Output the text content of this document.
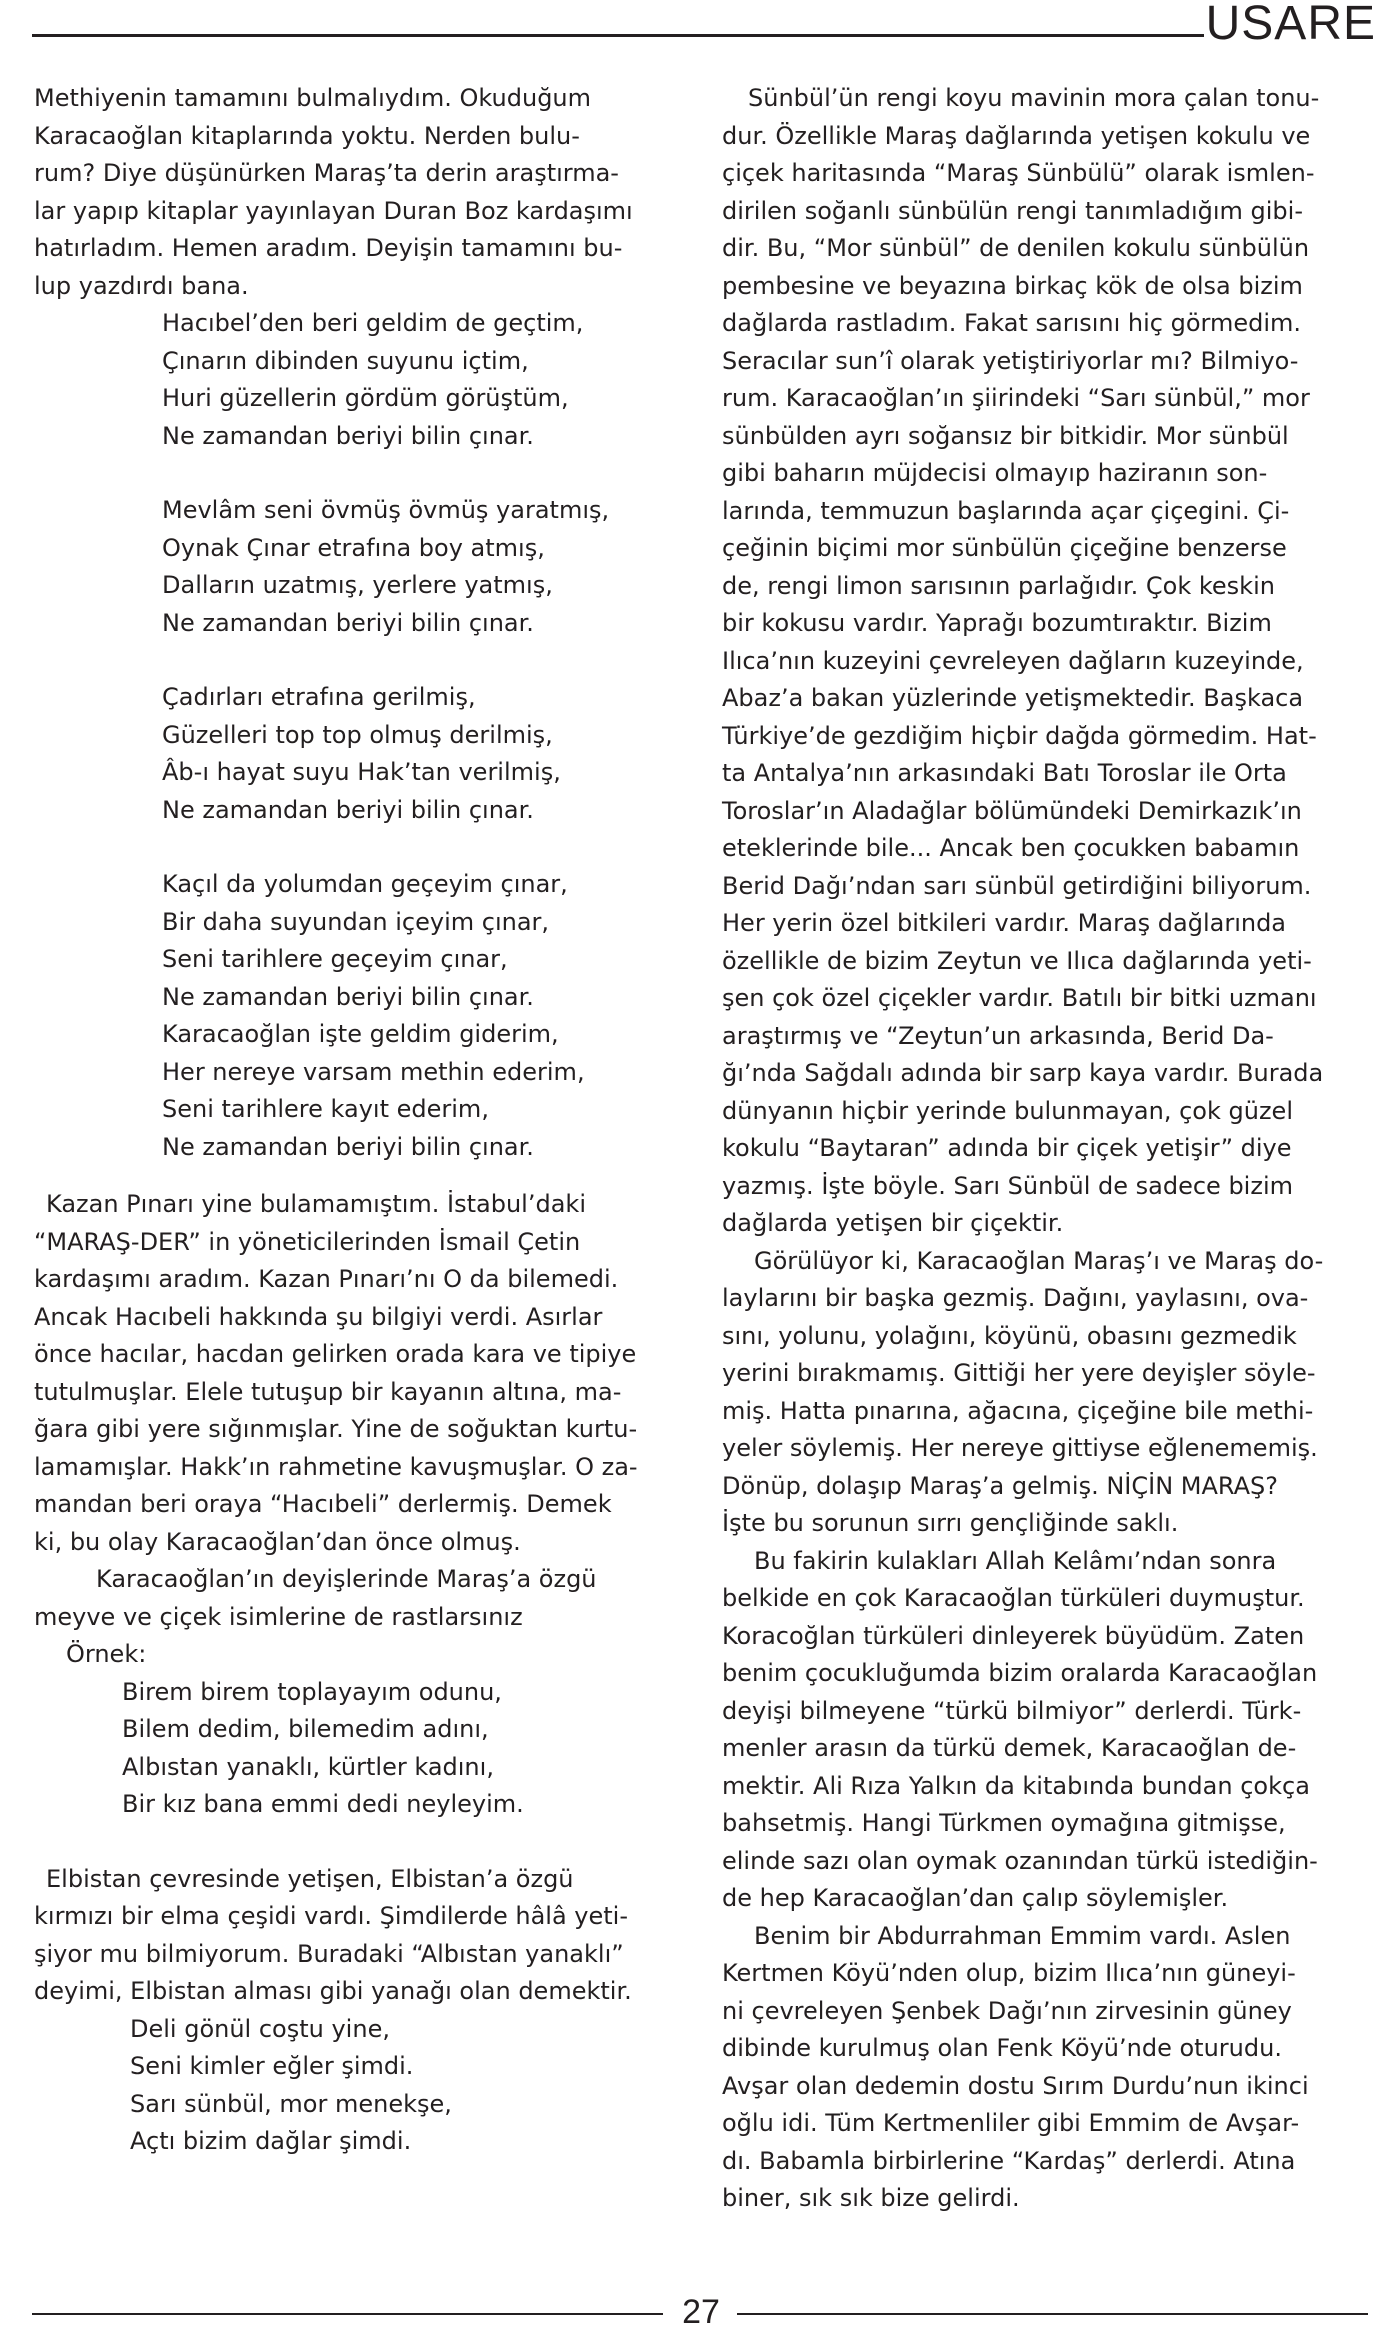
USARE
Methiyenin tamamını bulmalıydım. Okuduğum
Karacaoğlan kitaplarında yoktu. Nerden bulu-
rum? Diye düşünürken Maraş’ta derin araştırma-
lar yapıp kitaplar yayınlayan Duran Boz kardaşımı
hatırladım. Hemen aradım. Deyişin tamamını bu-
lup yazdırdı bana.
Hacıbel’den beri geldim de geçtim,
Çınarın dibinden suyunu içtim,
Huri güzellerin gördüm görüştüm,
Ne zamandan beriyi bilin çınar.
Mevlâm seni övmüş övmüş yaratmış,
Oynak Çınar etrafına boy atmış,
Dalların uzatmış, yerlere yatmış,
Ne zamandan beriyi bilin çınar.
Çadırları etrafına gerilmiş,
Güzelleri top top olmuş derilmiş,
Âb-ı hayat suyu Hak’tan verilmiş,
Ne zamandan beriyi bilin çınar.
Kaçıl da yolumdan geçeyim çınar,
Bir daha suyundan içeyim çınar,
Seni tarihlere geçeyim çınar,
Ne zamandan beriyi bilin çınar.
Karacaoğlan işte geldim giderim,
Her nereye varsam methin ederim,
Seni tarihlere kayıt ederim,
Ne zamandan beriyi bilin çınar.
Kazan Pınarı yine bulamamıştım. İstabul’daki
“MARAŞ-DER” in yöneticilerinden İsmail Çetin
kardaşımı aradım. Kazan Pınarı’nı O da bilemedi.
Ancak Hacıbeli hakkında şu bilgiyi verdi. Asırlar
önce hacılar, hacdan gelirken orada kara ve tipiye
tutulmuşlar. Elele tutuşup bir kayanın altına, ma-
ğara gibi yere sığınmışlar. Yine de soğuktan kurtu-
lamamışlar. Hakk’ın rahmetine kavuşmuşlar. O za-
mandan beri oraya “Hacıbeli” derlermiş. Demek
ki, bu olay Karacaoğlan’dan önce olmuş.
Karacaoğlan’ın deyişlerinde Maraş’a özgü
meyve ve çiçek isimlerine de rastlarsınız
Örnek:
Birem birem toplayayım odunu,
Bilem dedim, bilemedim adını,
Albıstan yanaklı, kürtler kadını,
Bir kız bana emmi dedi neyleyim.
Elbistan çevresinde yetişen, Elbistan’a özgü
kırmızı bir elma çeşidi vardı. Şimdilerde hâlâ yeti-
şiyor mu bilmiyorum. Buradaki “Albıstan yanaklı”
deyimi, Elbistan alması gibi yanağı olan demektir.
Deli gönül coştu yine,
Seni kimler eğler şimdi.
Sarı sünbül, mor menekşe,
Açtı bizim dağlar şimdi.
Sünbül’ün rengi koyu mavinin mora çalan tonu-
dur. Özellikle Maraş dağlarında yetişen kokulu ve
çiçek haritasında “Maraş Sünbülü” olarak ismlen-
dirilen soğanlı sünbülün rengi tanımladığım gibi-
dir. Bu, “Mor sünbül” de denilen kokulu sünbülün
pembesine ve beyazına birkaç kök de olsa bizim
dağlarda rastladım. Fakat sarısını hiç görmedim.
Seracılar sun’î olarak yetiştiriyorlar mı? Bilmiyo-
rum. Karacaoğlan’ın şiirindeki “Sarı sünbül,” mor
sünbülden ayrı soğansız bir bitkidir. Mor sünbül
gibi baharın müjdecisi olmayıp haziranın son-
larında, temmuzun başlarında açar çiçegini. Çi-
çeğinin biçimi mor sünbülün çiçeğine benzerse
de, rengi limon sarısının parlağıdır. Çok keskin
bir kokusu vardır. Yaprağı bozumtıraktır. Bizim
Ilıca’nın kuzeyini çevreleyen dağların kuzeyinde,
Abaz’a bakan yüzlerinde yetişmektedir. Başkaca
Türkiye’de gezdiğim hiçbir dağda görmedim. Hat-
ta Antalya’nın arkasındaki Batı Toroslar ile Orta
Toroslar’ın Aladağlar bölümündeki Demirkazık’ın
eteklerinde bile... Ancak ben çocukken babamın
Berid Dağı’ndan sarı sünbül getirdiğini biliyorum.
Her yerin özel bitkileri vardır. Maraş dağlarında
özellikle de bizim Zeytun ve Ilıca dağlarında yeti-
şen çok özel çiçekler vardır. Batılı bir bitki uzmanı
araştırmış ve “Zeytun’un arkasında, Berid Da-
ğı’nda Sağdalı adında bir sarp kaya vardır. Burada
dünyanın hiçbir yerinde bulunmayan, çok güzel
kokulu “Baytaran” adında bir çiçek yetişir” diye
yazmış. İşte böyle. Sarı Sünbül de sadece bizim
dağlarda yetişen bir çiçektir.
Görülüyor ki, Karacaoğlan Maraş’ı ve Maraş do-
laylarını bir başka gezmiş. Dağını, yaylasını, ova-
sını, yolunu, yolağını, köyünü, obasını gezmedik
yerini bırakmamış. Gittiği her yere deyişler söyle-
miş. Hatta pınarına, ağacına, çiçeğine bile methi-
yeler söylemiş. Her nereye gittiyse eğlenememiş.
Dönüp, dolaşıp Maraş’a gelmiş. NİÇİN MARAŞ?
İşte bu sorunun sırrı gençliğinde saklı.
Bu fakirin kulakları Allah Kelâmı’ndan sonra
belkide en çok Karacaoğlan türküleri duymuştur.
Koracoğlan türküleri dinleyerek büyüdüm. Zaten
benim çocukluğumda bizim oralarda Karacaoğlan
deyişi bilmeyene “türkü bilmiyor” derlerdi. Türk-
menler arasın da türkü demek, Karacaoğlan de-
mektir. Ali Rıza Yalkın da kitabında bundan çokça
bahsetmiş. Hangi Türkmen oymağına gitmişse,
elinde sazı olan oymak ozanından türkü istediğin-
de hep Karacaoğlan’dan çalıp söylemişler.
Benim bir Abdurrahman Emmim vardı. Aslen
Kertmen Köyü’nden olup, bizim Ilıca’nın güneyi-
ni çevreleyen Şenbek Dağı’nın zirvesinin güney
dibinde kurulmuş olan Fenk Köyü’nde oturudu.
Avşar olan dedemin dostu Sırım Durdu’nun ikinci
oğlu idi. Tüm Kertmenliler gibi Emmim de Avşar-
dı. Babamla birbirlerine “Kardaş” derlerdi. Atına
biner, sık sık bize gelirdi.
27
